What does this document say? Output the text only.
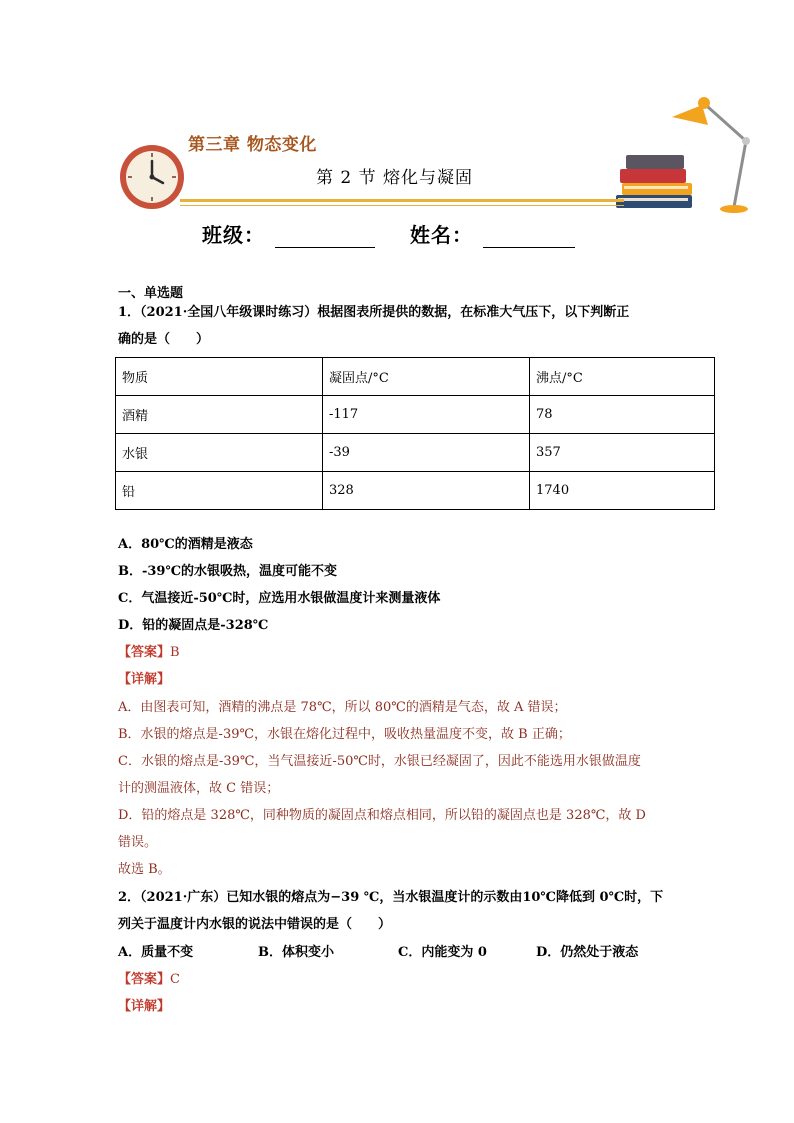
第三章 物态变化
第 2 节 熔化与凝固
班级：	姓名：
一、单选题
1．（2021·全国八年级课时练习）根据图表所提供的数据，在标准大气压下，以下判断正
确的是（　　）
物质	凝固点/°C	沸点/°C
酒精	-117	78
水银	-39	357
铅	328	1740
A．80℃的酒精是液态
B．-39℃的水银吸热，温度可能不变
C．气温接近-50℃时，应选用水银做温度计来测量液体
D．铅的凝固点是-328℃
【答案】B
【详解】
A．由图表可知，酒精的沸点是 78℃，所以 80℃的酒精是气态，故 A 错误；
B．水银的熔点是-39℃，水银在熔化过程中，吸收热量温度不变，故 B 正确；
C．水银的熔点是-39℃，当气温接近-50℃时，水银已经凝固了，因此不能选用水银做温度
计的测温液体，故 C 错误；
D．铅的熔点是 328℃，同种物质的凝固点和熔点相同，所以铅的凝固点也是 328℃，故 D
错误。
故选 B。
2．（2021·广东）已知水银的熔点为−39 ℃，当水银温度计的示数由10℃降低到 0℃时，下
列关于温度计内水银的说法中错误的是（　　）
A．质量不变	B．体积变小	C．内能变为 0	D．仍然处于液态
【答案】C
【详解】
